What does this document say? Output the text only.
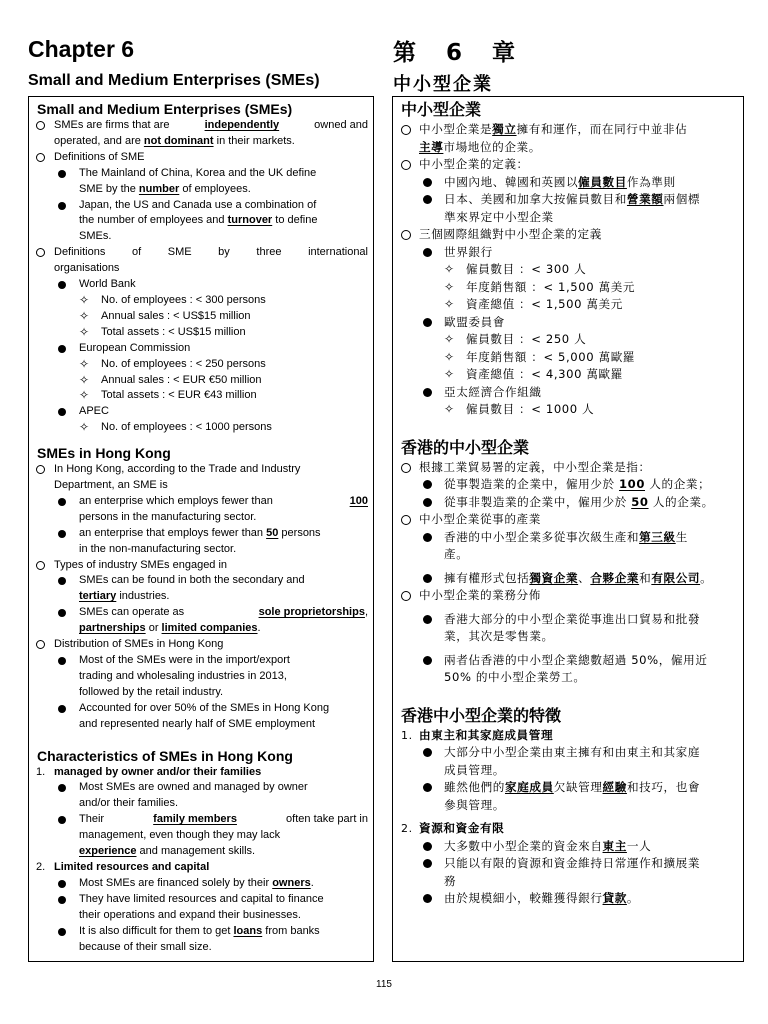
Chapter 6	第 6 章
Small and Medium Enterprises (SMEs)	中小型企業
Small and Medium Enterprises (SMEs)
SMEs are firms that are	independently	owned and
operated, and are not dominant in their markets.
Definitions of SME
The Mainland of China, Korea and the UK define
SME by the number of employees.
Japan, the US and Canada use a combination of
the number of employees and turnover to define
SMEs.
Definitions of SME by three international
organisations
World Bank
✧ No. of employees : < 300 persons
✧ Annual sales : < US$15 million
✧ Total assets : < US$15 million
European Commission
✧ No. of employees : < 250 persons
✧ Annual sales : < EUR €50 million
✧ Total assets : < EUR €43 million
APEC
✧ No. of employees : < 1000 persons
SMEs in Hong Kong
In Hong Kong, according to the Trade and Industry
Department, an SME is
an enterprise which employs fewer than	100
persons in the manufacturing sector.
an enterprise that employs fewer than 50 persons
in the non-manufacturing sector.
Types of industry SMEs engaged in
SMEs can be found in both the secondary and
tertiary industries.
SMEs can operate as	sole proprietorships,
partnerships or limited companies.
Distribution of SMEs in Hong Kong
Most of the SMEs were in the import/export
trading and wholesaling industries in 2013,
followed by the retail industry.
Accounted for over 50% of the SMEs in Hong Kong
and represented nearly half of SME employment
Characteristics of SMEs in Hong Kong
1. managed by owner and/or their families
Most SMEs are owned and managed by owner
and/or their families.
Their	family members	often take part in
management, even though they may lack
experience and management skills.
2. Limited resources and capital
Most SMEs are financed solely by their owners.
They have limited resources and capital to finance
their operations and expand their businesses.
It is also difficult for them to get loans from banks
because of their small size.
中小型企業
中小型企業是獨立擁有和運作，而在同行中並非佔
主導市場地位的企業。
中小型企業的定義：
中國內地、韓國和英國以僱員數目作為準則
日本、美國和加拿大按僱員數目和營業額兩個標
準來界定中小型企業
三個國際組織對中小型企業的定義
世界銀行
✧ 僱員數目 ：< 300 人
✧ 年度銷售額 ：< 1,500 萬美元
✧ 資產總值 ：< 1,500 萬美元
歐盟委員會
✧ 僱員數目 ：< 250 人
✧ 年度銷售額 ：< 5,000 萬歐羅
✧ 資產總值 ：< 4,300 萬歐羅
亞太經濟合作組織
✧ 僱員數目 ：< 1000 人
香港的中小型企業
根據工業貿易署的定義，中小型企業是指：
從事製造業的企業中，僱用少於 100 人的企業；
從事非製造業的企業中，僱用少於 50 人的企業。
中小型企業從事的產業
香港的中小型企業多從事次級生產和第三級生
產。
擁有權形式包括獨資企業、合夥企業和有限公司。
中小型企業的業務分佈
香港大部分的中小型企業從事進出口貿易和批發
業，其次是零售業。
兩者佔香港的中小型企業總數超過 50%，僱用近
50% 的中小型企業勞工。
香港中小型企業的特徵
1. 由東主和其家庭成員管理
大部分中小型企業由東主擁有和由東主和其家庭
成員管理。
雖然他們的家庭成員欠缺管理經驗和技巧，也會
參與管理。
2. 資源和資金有限
大多數中小型企業的資金來自東主一人
只能以有限的資源和資金維持日常運作和擴展業
務
由於規模細小，較難獲得銀行貸款。
115
